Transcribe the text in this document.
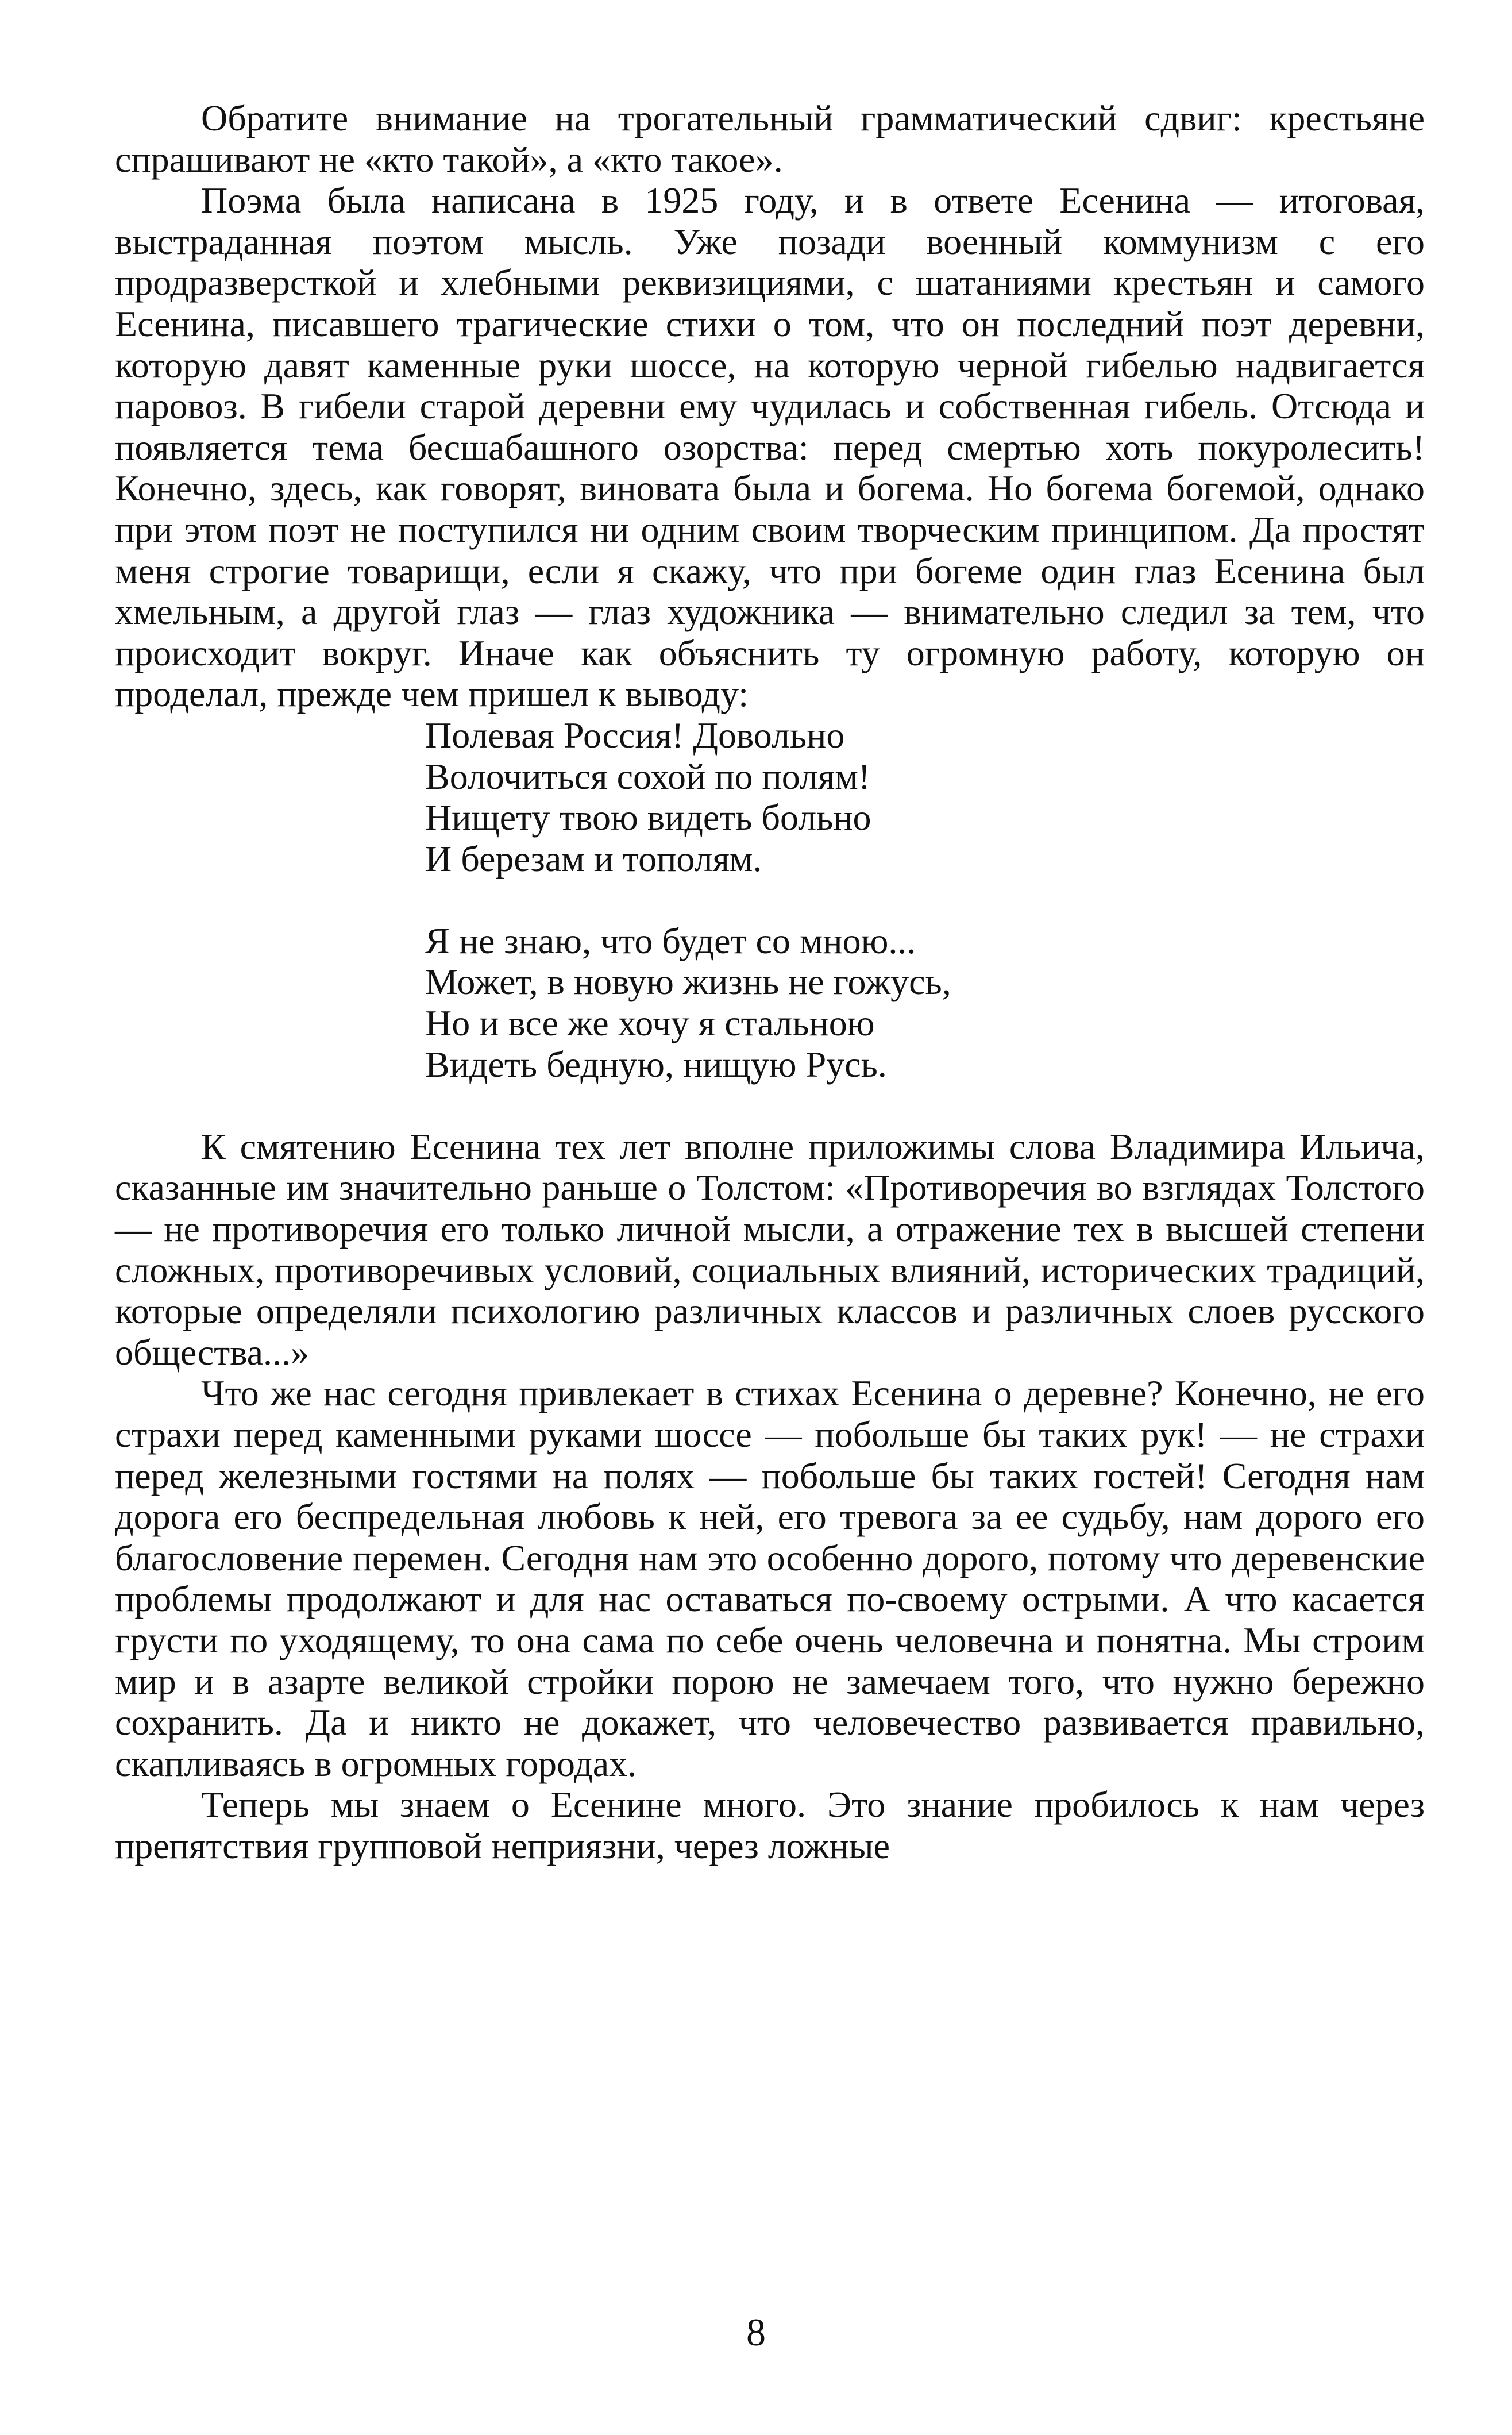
Обратите внимание на трогательный грамматический сдвиг: крестьяне спрашивают не «кто такой», а «кто такое».

Поэма была написана в 1925 году, и в ответе Есенина — итоговая, выстраданная поэтом мысль. Уже позади военный коммунизм с его продразверсткой и хлебными реквизициями, с шатаниями крестьян и самого Есенина, писавшего трагические стихи о том, что он последний поэт деревни, которую давят каменные руки шоссе, на которую черной гибелью надвигается паровоз. В гибели старой деревни ему чудилась и собственная гибель. Отсюда и появляется тема бесшабашного озорства: перед смертью хоть покуролесить! Конечно, здесь, как говорят, виновата была и богема. Но богема богемой, однако при этом поэт не поступился ни одним своим творческим принципом. Да простят меня строгие товарищи, если я скажу, что при богеме один глаз Есенина был хмельным, а другой глаз — глаз художника — внимательно следил за тем, что происходит вокруг. Иначе как объяснить ту огромную работу, которую он проделал, прежде чем пришел к выводу:

Полевая Россия! Довольно
Волочиться сохой по полям!
Нищету твою видеть больно
И березам и тополям.
Я не знаю, что будет со мною...
Может, в новую жизнь не гожусь,
Но и все же хочу я стальною
Видеть бедную, нищую Русь.

К смятению Есенина тех лет вполне приложимы слова Владимира Ильича, сказанные им значительно раньше о Толстом: «Противоречия во взглядах Толстого — не противоречия его только личной мысли, а отражение тех в высшей степени сложных, противоречивых условий, социальных влияний, исторических традиций, которые определяли психологию различных классов и различных слоев русского общества...»

Что же нас сегодня привлекает в стихах Есенина о деревне? Конечно, не его страхи перед каменными руками шоссе — побольше бы таких рук! — не страхи перед железными гостями на полях — побольше бы таких гостей! Сегодня нам дорога его беспредельная любовь к ней, его тревога за ее судьбу, нам дорого его благословение перемен. Сегодня нам это особенно дорого, потому что деревенские проблемы продолжают и для нас оставаться по-своему острыми. А что касается грусти по уходящему, то она сама по себе очень человечна и понятна. Мы строим мир и в азарте великой стройки порою не замечаем того, что нужно бережно сохранить. Да и никто не докажет, что человечество развивается правильно, скапливаясь в огромных городах.

Теперь мы знаем о Есенине много. Это знание пробилось к нам через препятствия групповой неприязни, через ложные

8
